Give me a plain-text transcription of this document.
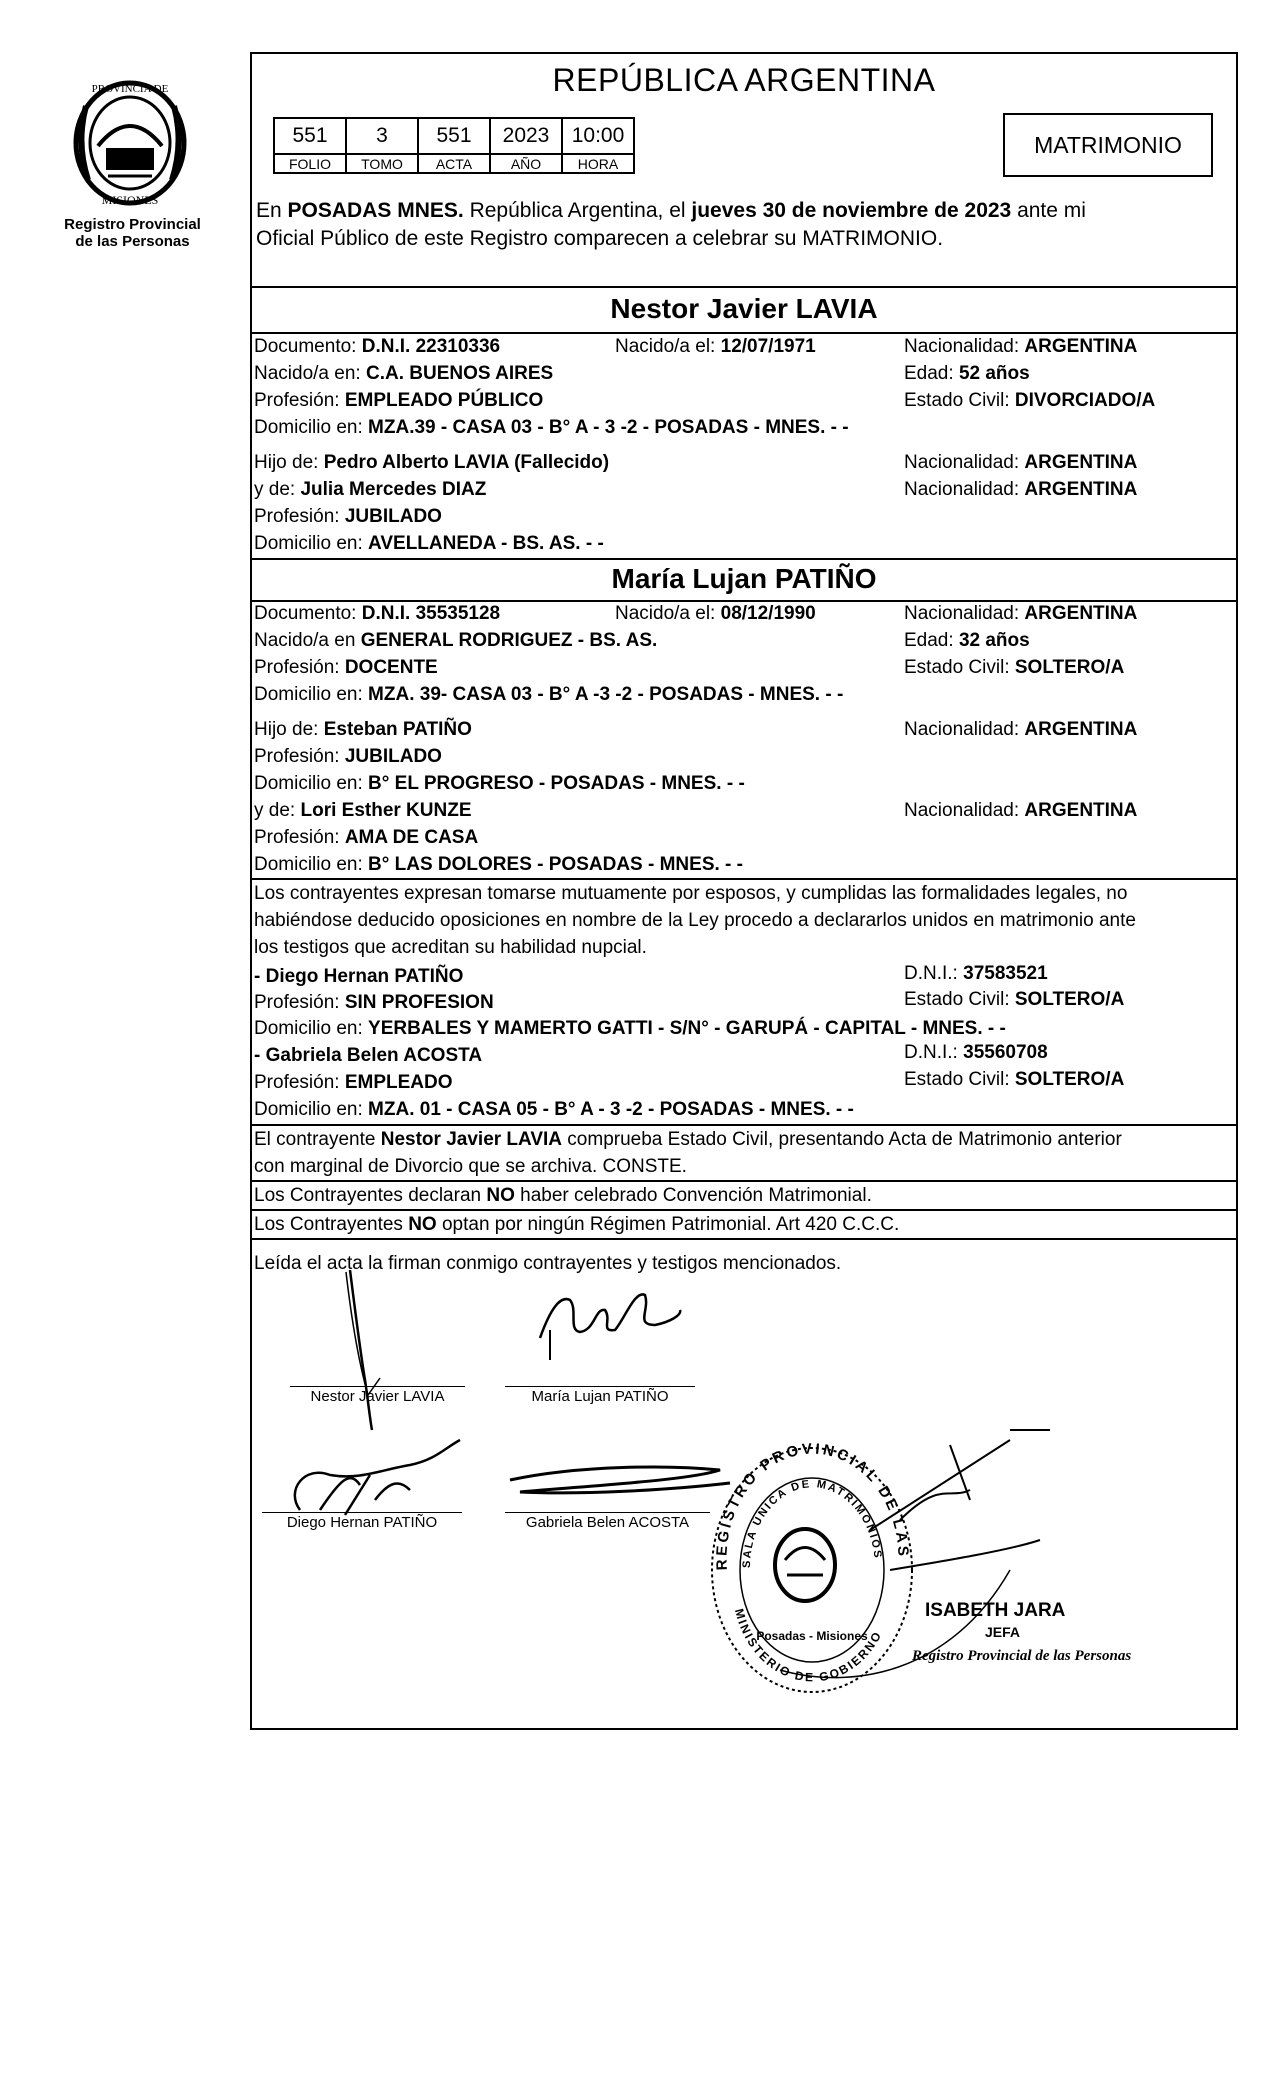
PROVINCIA DE
MISIONES
Registro Provincial
de las Personas
REPÚBLICA ARGENTINA
551	3	551	2023	10:00
FOLIO	TOMO	ACTA	AÑO	HORA
MATRIMONIO
En POSADAS MNES. República Argentina, el jueves 30 de noviembre de 2023 ante mi
Oficial Público de este Registro comparecen a celebrar su MATRIMONIO.
Nestor Javier LAVIA
Documento: D.N.I. 22310336	Nacido/a el: 12/07/1971	Nacionalidad: ARGENTINA
Nacido/a en: C.A. BUENOS AIRES	Edad: 52 años
Profesión: EMPLEADO PÚBLICO	Estado Civil: DIVORCIADO/A
Domicilio en: MZA.39 - CASA 03 - B° A - 3 -2 - POSADAS - MNES. - -
Hijo de: Pedro Alberto LAVIA (Fallecido)	Nacionalidad: ARGENTINA
y de: Julia Mercedes DIAZ	Nacionalidad: ARGENTINA
Profesión: JUBILADO
Domicilio en: AVELLANEDA - BS. AS. - -
María Lujan PATIÑO
Documento: D.N.I. 35535128	Nacido/a el: 08/12/1990	Nacionalidad: ARGENTINA
Nacido/a en GENERAL RODRIGUEZ - BS. AS.	Edad: 32 años
Profesión: DOCENTE	Estado Civil: SOLTERO/A
Domicilio en: MZA. 39- CASA 03 - B° A -3 -2 - POSADAS - MNES. - -
Hijo de: Esteban PATIÑO	Nacionalidad: ARGENTINA
Profesión: JUBILADO
Domicilio en: B° EL PROGRESO - POSADAS - MNES. - -
y de: Lori Esther KUNZE	Nacionalidad: ARGENTINA
Profesión: AMA DE CASA
Domicilio en: B° LAS DOLORES - POSADAS - MNES. - -
Los contrayentes expresan tomarse mutuamente por esposos, y cumplidas las formalidades legales, no
habiéndose deducido oposiciones en nombre de la Ley procedo a declararlos unidos en matrimonio ante
los testigos que acreditan su habilidad nupcial.
- Diego Hernan PATIÑO	D.N.I.: 37583521
Profesión: SIN PROFESION	Estado Civil: SOLTERO/A
Domicilio en: YERBALES Y MAMERTO GATTI - S/N° - GARUPÁ - CAPITAL - MNES. - -
- Gabriela Belen ACOSTA	D.N.I.: 35560708
Profesión: EMPLEADO	Estado Civil: SOLTERO/A
Domicilio en: MZA. 01 - CASA 05 - B° A - 3 -2 - POSADAS - MNES. - -
El contrayente Nestor Javier LAVIA comprueba Estado Civil, presentando Acta de Matrimonio anterior
con marginal de Divorcio que se archiva. CONSTE.
Los Contrayentes declaran NO haber celebrado Convención Matrimonial.
Los Contrayentes NO optan por ningún Régimen Patrimonial. Art 420 C.C.C.
Leída el acta la firman conmigo contrayentes y testigos mencionados.
Nestor Javier LAVIA	María Lujan PATIÑO
Diego Hernan PATIÑO	Gabriela Belen ACOSTA
REGISTRO PROVINCIAL DE LAS
SALA ÚNICA DE MATRIMONIOS
MINISTERIO DE GOBIERNO
Posadas - Misiones
ISABETH JARA
JEFA
Registro Provincial de las Personas
